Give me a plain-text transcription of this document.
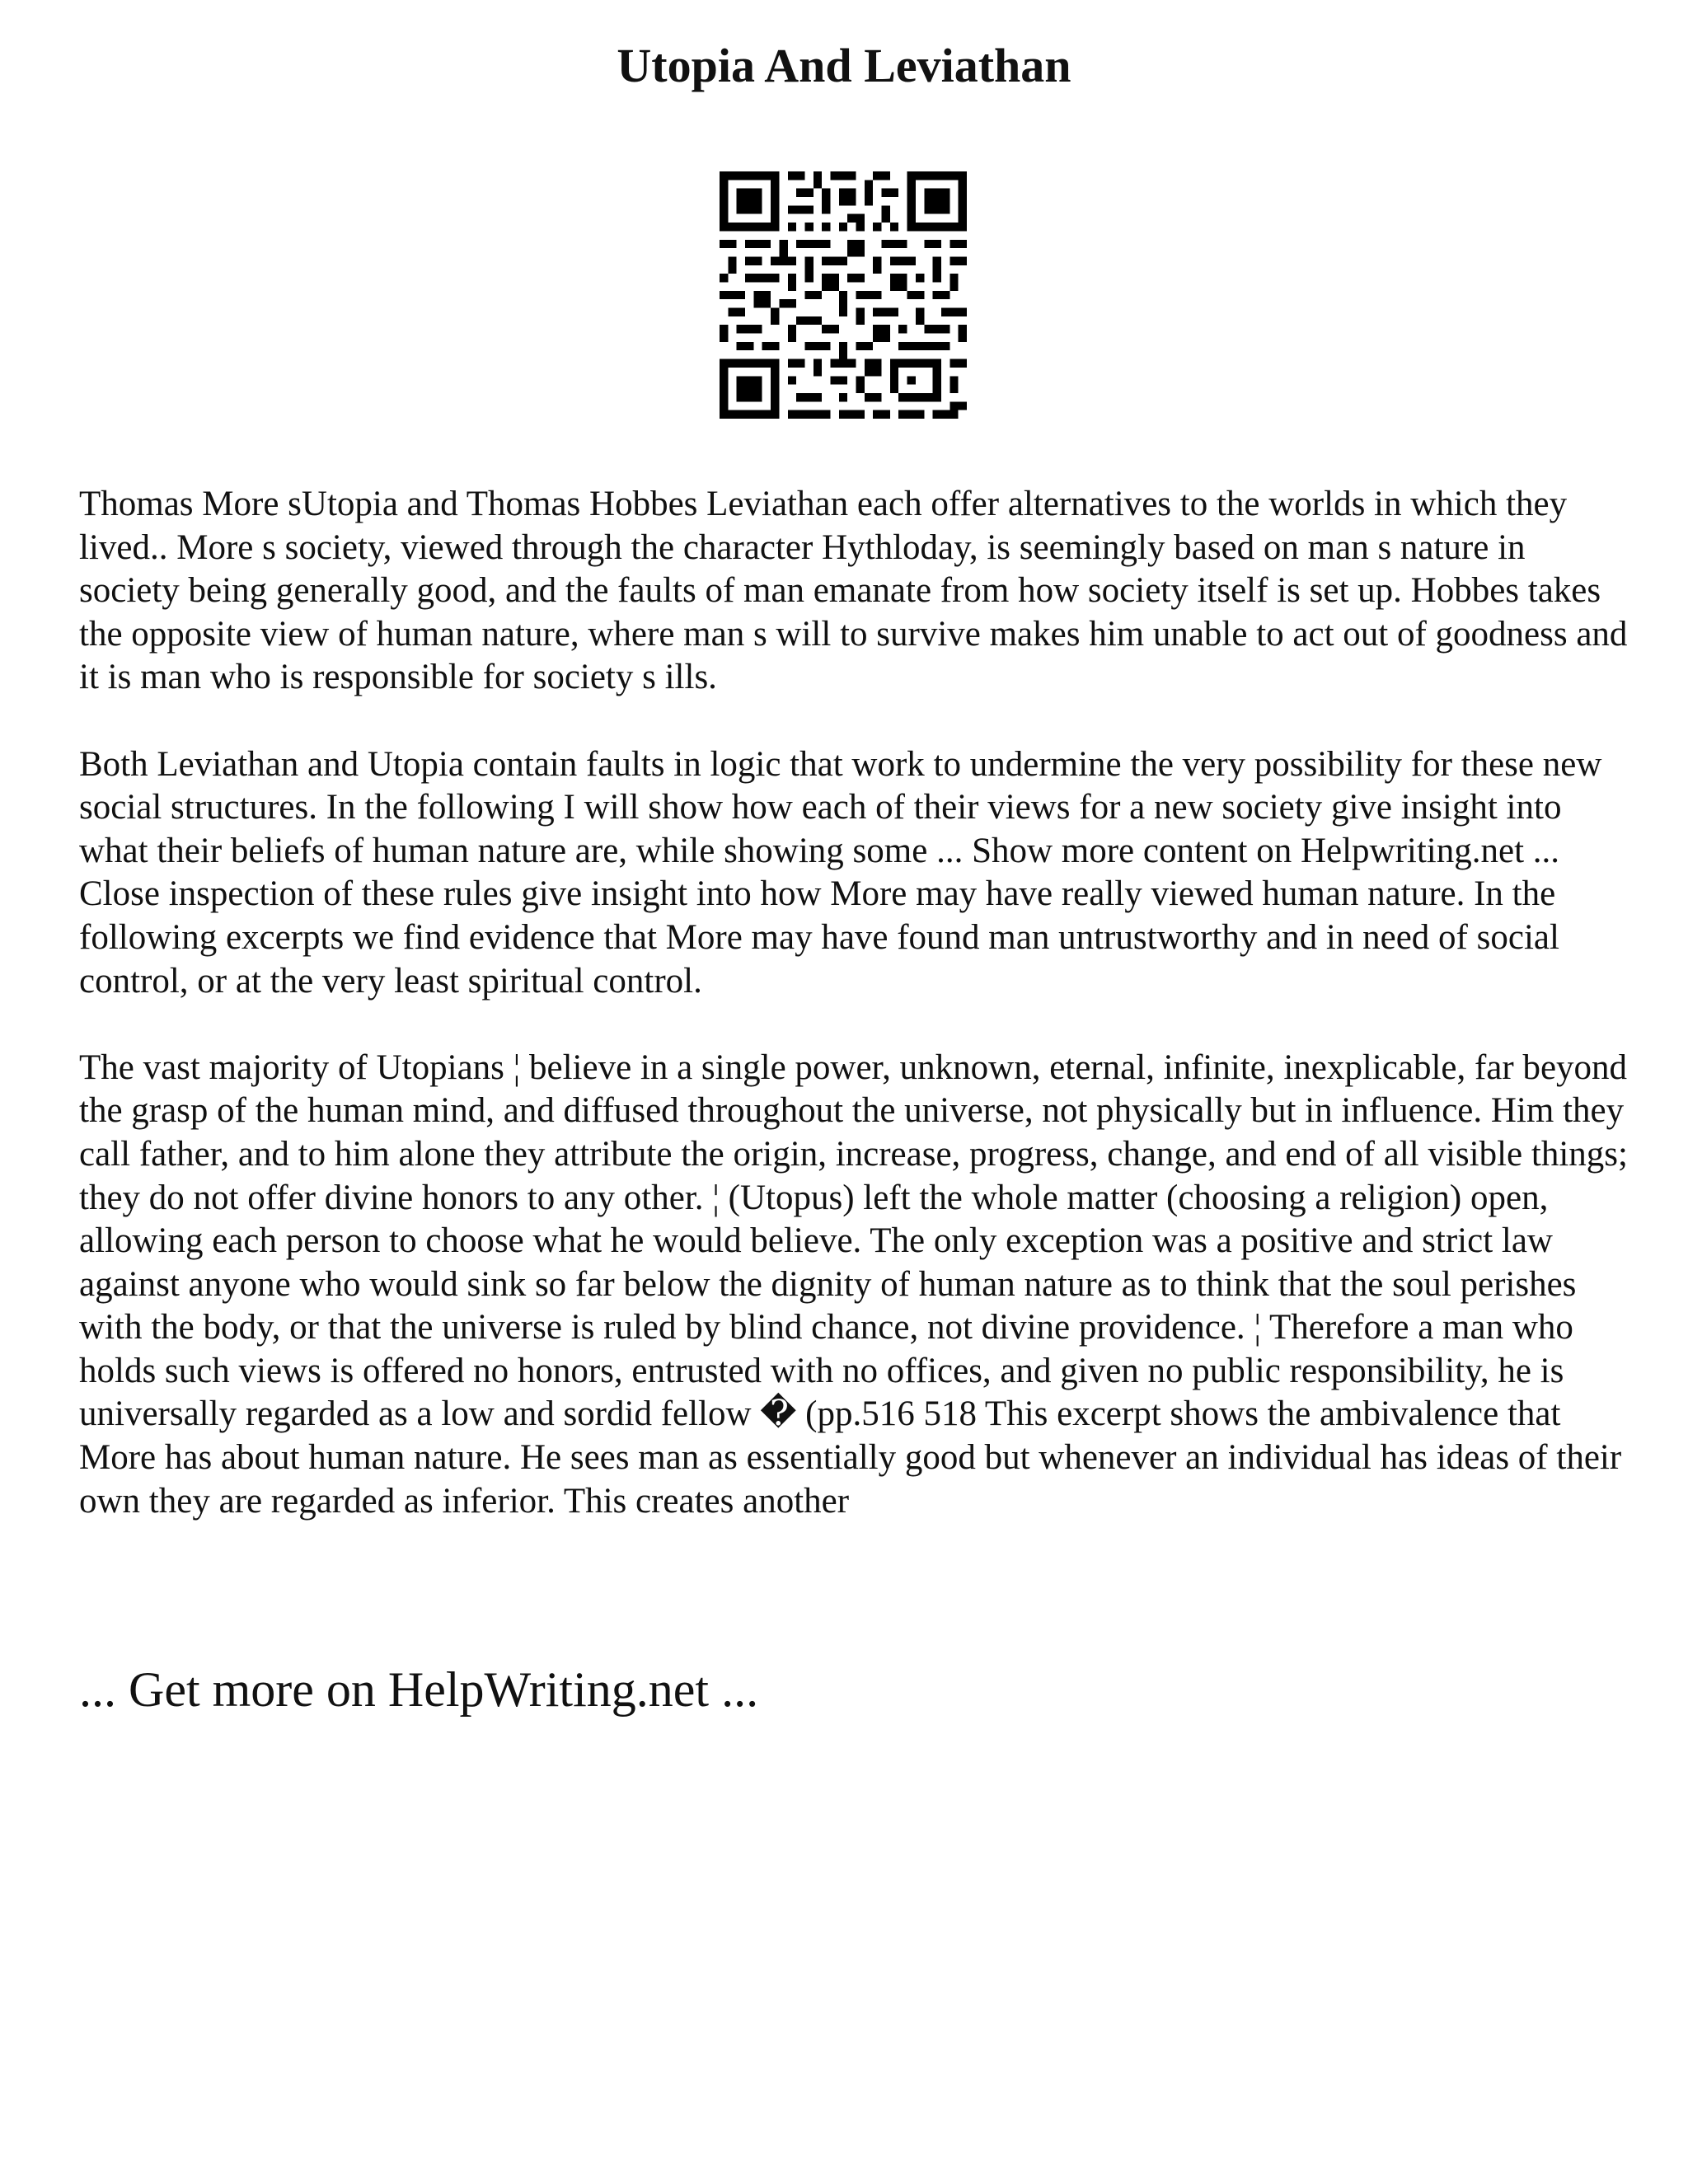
Utopia And Leviathan

Thomas More sUtopia and Thomas Hobbes Leviathan each offer alternatives to the worlds in which they lived.. More s society, viewed through the character Hythloday, is seemingly based on man s nature in society being generally good, and the faults of man emanate from how society itself is set up. Hobbes takes the opposite view of human nature, where man s will to survive makes him unable to act out of goodness and it is man who is responsible for society s ills.

Both Leviathan and Utopia contain faults in logic that work to undermine the very possibility for these new social structures. In the following I will show how each of their views for a new society give insight into what their beliefs of human nature are, while showing some ... Show more content on Helpwriting.net ...

Close inspection of these rules give insight into how More may have really viewed human nature. In the following excerpts we find evidence that More may have found man untrustworthy and in need of social control, or at the very least spiritual control.

The vast majority of Utopians ¦ believe in a single power, unknown, eternal, infinite, inexplicable, far beyond the grasp of the human mind, and diffused throughout the universe, not physically but in influence. Him they call father, and to him alone they attribute the origin, increase, progress, change, and end of all visible things; they do not offer divine honors to any other. ¦ (Utopus) left the whole matter (choosing a religion) open, allowing each person to choose what he would believe. The only exception was a positive and strict law against anyone who would sink so far below the dignity of human nature as to think that the soul perishes with the body, or that the universe is ruled by blind chance, not divine providence. ¦ Therefore a man who holds such views is offered no honors, entrusted with no offices, and given no public responsibility, he is universally regarded as a low and sordid fellow � (pp.516 518 This excerpt shows the ambivalence that More has about human nature. He sees man as essentially good but whenever an individual has ideas of their own they are regarded as inferior. This creates another

... Get more on HelpWriting.net ...
